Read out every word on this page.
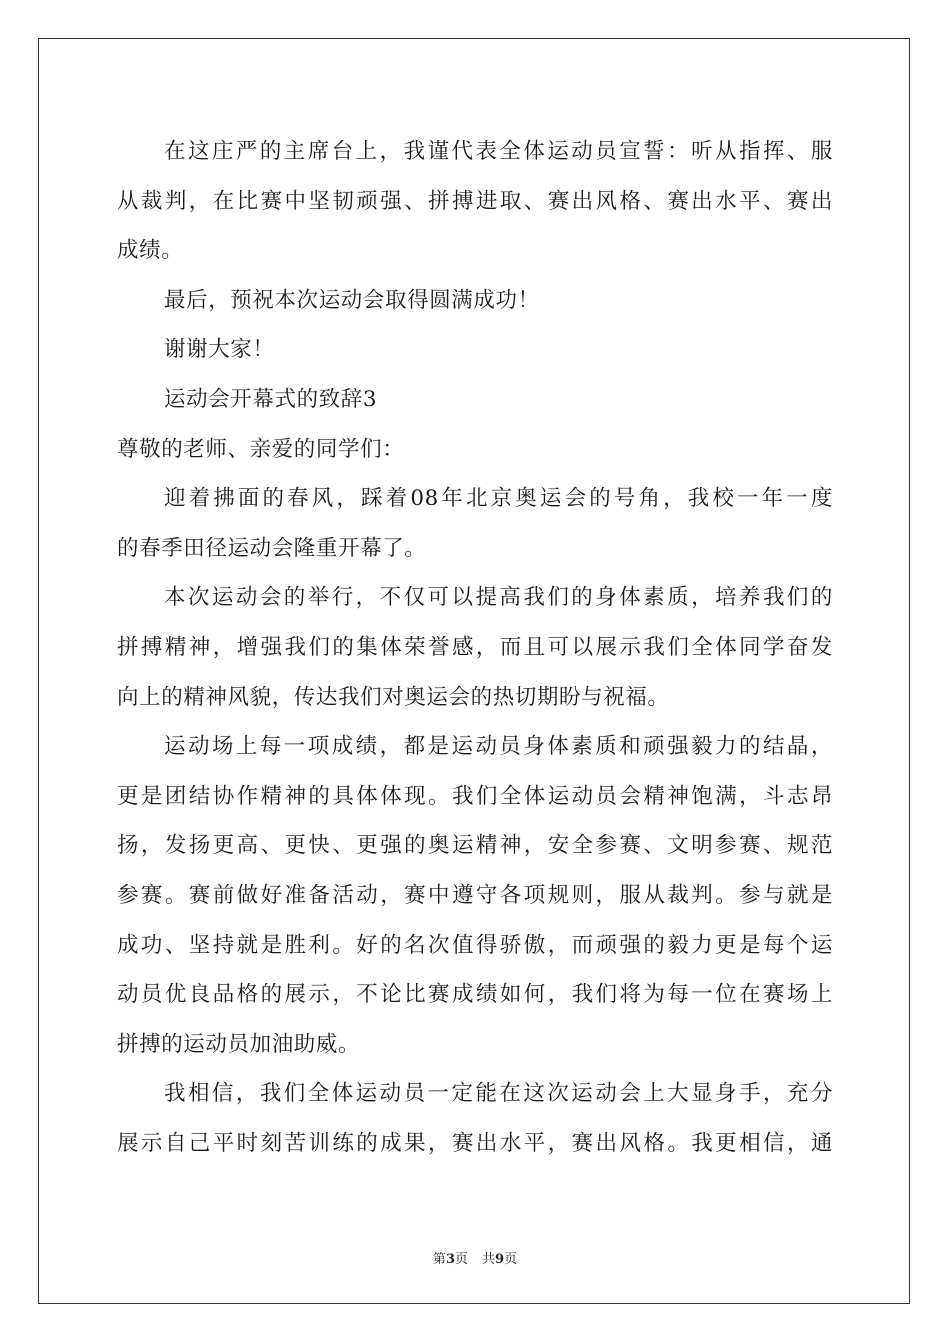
在这庄严的主席台上，我谨代表全体运动员宣誓：听从指挥、服
从裁判，在比赛中坚韧顽强、拼搏进取、赛出风格、赛出水平、赛出
成绩。
最后，预祝本次运动会取得圆满成功！
谢谢大家！
运动会开幕式的致辞3
尊敬的老师、亲爱的同学们：
迎着拂面的春风，踩着08年北京奥运会的号角，我校一年一度
的春季田径运动会隆重开幕了。
本次运动会的举行，不仅可以提高我们的身体素质，培养我们的
拼搏精神，增强我们的集体荣誉感，而且可以展示我们全体同学奋发
向上的精神风貌，传达我们对奥运会的热切期盼与祝福。
运动场上每一项成绩，都是运动员身体素质和顽强毅力的结晶，
更是团结协作精神的具体体现。我们全体运动员会精神饱满，斗志昂
扬，发扬更高、更快、更强的奥运精神，安全参赛、文明参赛、规范
参赛。赛前做好准备活动，赛中遵守各项规则，服从裁判。参与就是
成功、坚持就是胜利。好的名次值得骄傲，而顽强的毅力更是每个运
动员优良品格的展示，不论比赛成绩如何，我们将为每一位在赛场上
拼搏的运动员加油助威。
我相信，我们全体运动员一定能在这次运动会上大显身手，充分
展示自己平时刻苦训练的成果，赛出水平，赛出风格。我更相信，通
第3页 共9页
